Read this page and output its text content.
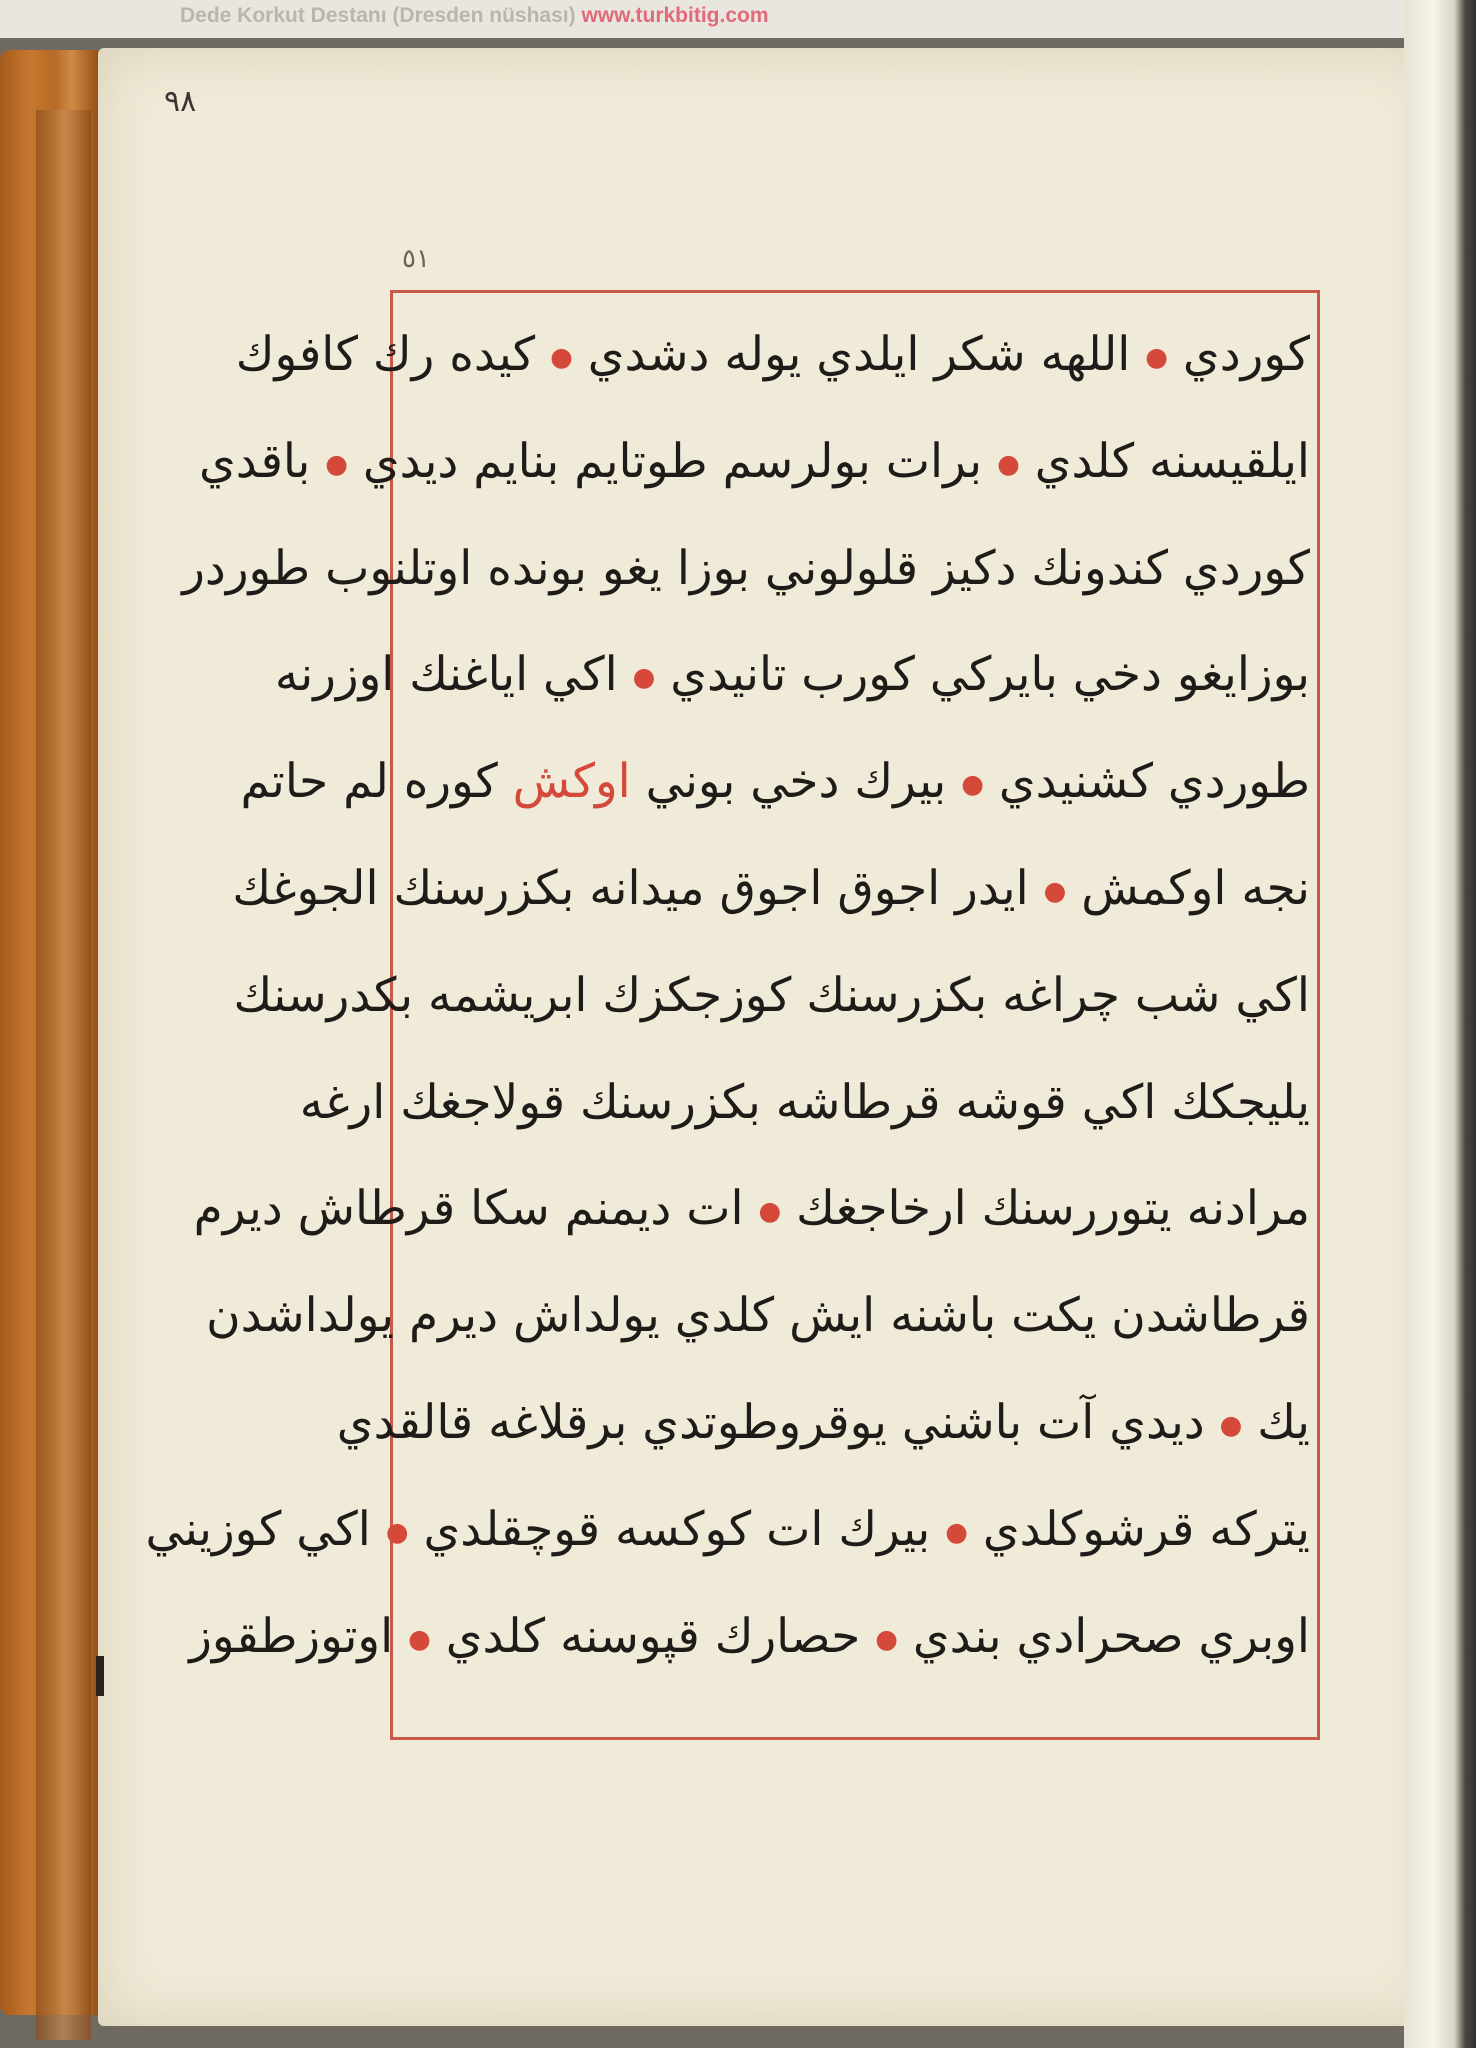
Dede Korkut Destanı (Dresden nüshası) www.turkbitig.com
٩٨
٥١
كوردي ● اللهه شكر ايلدي يوله دشدي ● كيده رك كافوك
ايلقيسنه كلدي ● برات بولرسم طوتايم بنايم ديدي ● باقدي
كوردي كندونك دكيز قلولوني بوزا يغو بونده اوتلنوب طوردر
بوزايغو دخي بايركي كورب تانيدي ● اكي اياغنك اوزرنه
طوردي كشنيدي ● بيرك دخي بوني اوكش كوره لم حاتم
نجه اوكمش ● ايدر اجوق اجوق ميدانه بكزرسنك الجوغك
اكي شب چراغه بكزرسنك كوزجكزك ابريشمه بكدرسنك
يليجكك اكي قوشه قرطاشه بكزرسنك قولاجغك ارغه
مرادنه يتوررسنك ارخاجغك ● ات ديمنم سكا قرطاش ديرم
قرطاشدن يكت باشنه ايش كلدي يولداش ديرم يولداشدن
يك ● ديدي آت باشني يوقروطوتدي برقلاغه قالقدي
يتركه قرشوكلدي ● بيرك ات كوكسه قوچقلدي ● اكي كوزيني
اوبري صحرادي بندي ● حصارك قپوسنه كلدي ● اوتوزطقوز
